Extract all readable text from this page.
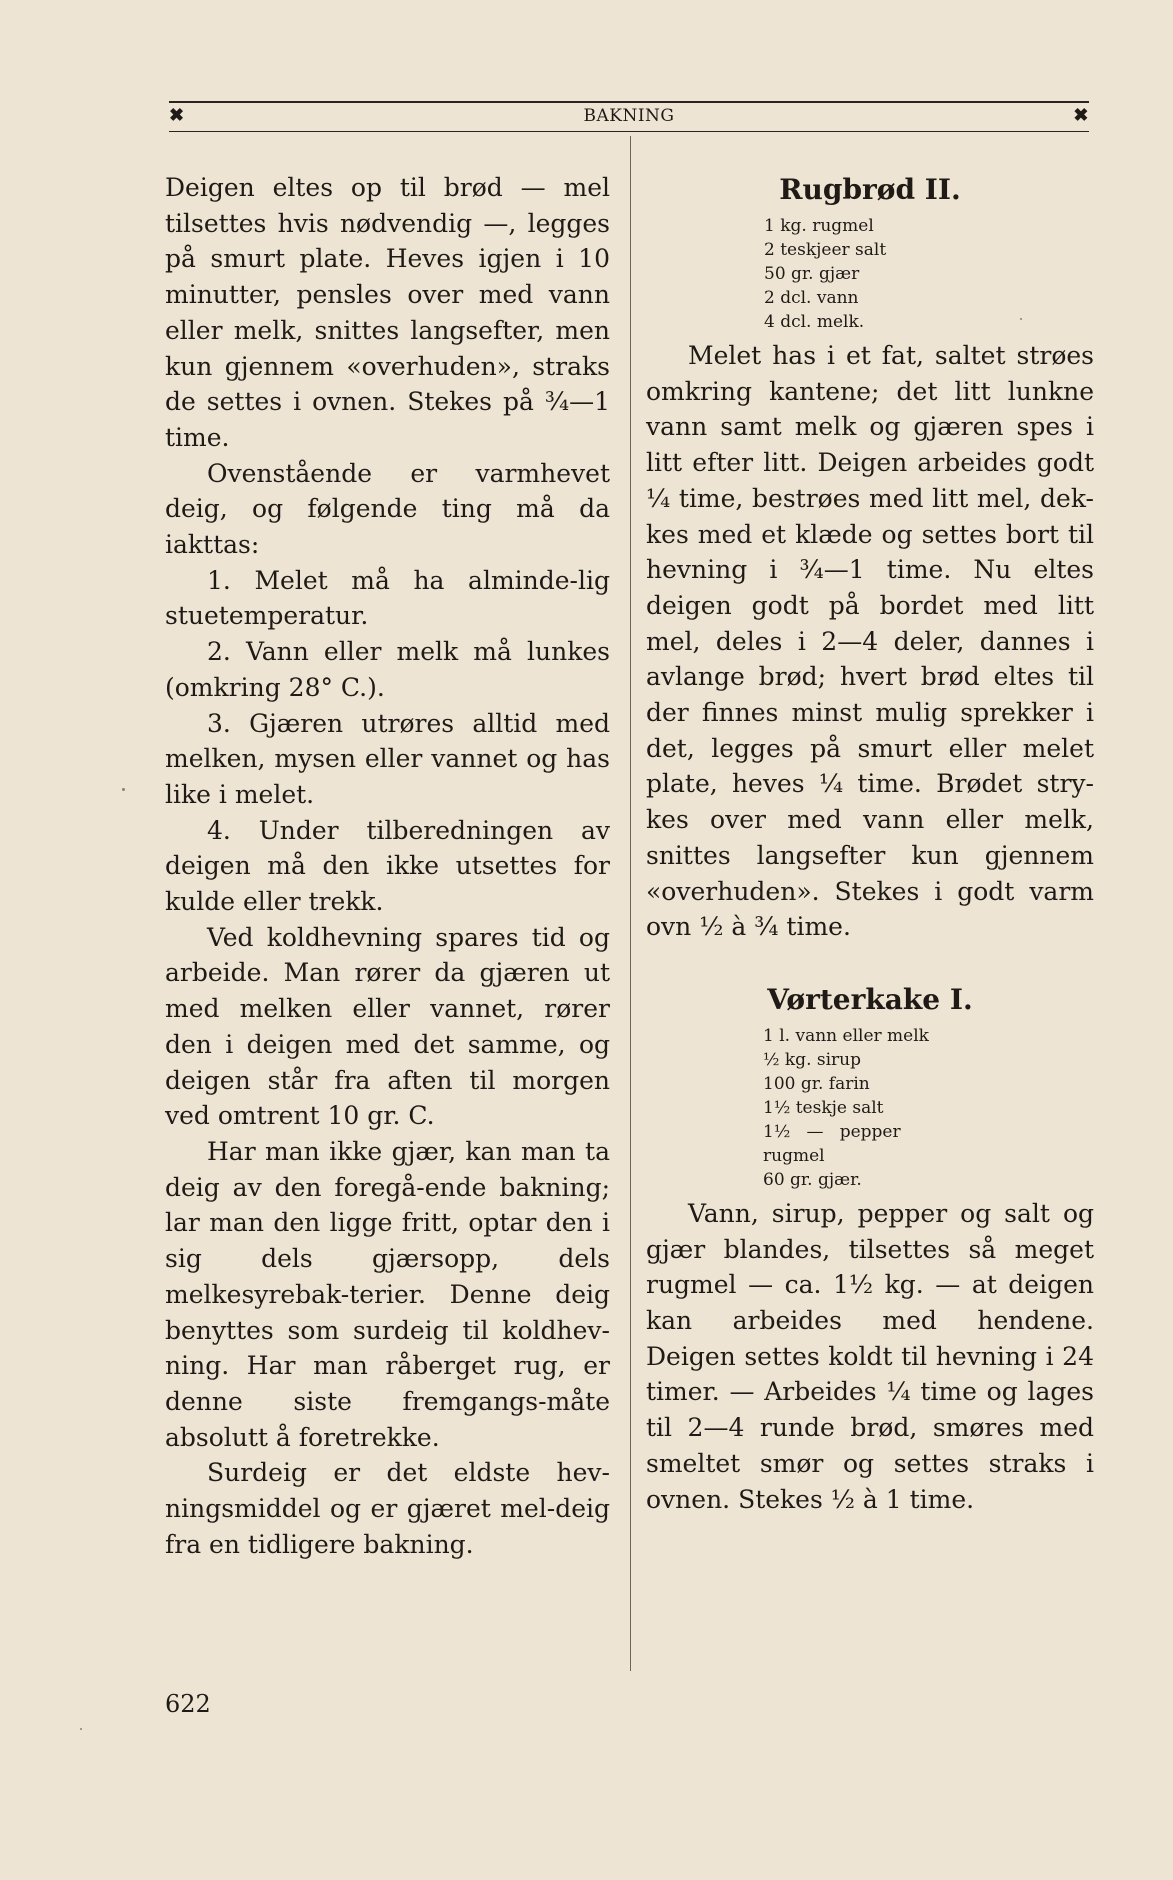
✖	BAKNING	✖

Deigen eltes op til brød — mel tilsettes hvis nødvendig —, legges på smurt plate. Heves igjen i 10 minutter, pensles over med vann eller melk, snittes langsefter, men kun gjennem «overhuden», straks de settes i ovnen. Stekes på ¾—1 time.

Ovenstående er varmhevet deig, og følgende ting må da iakttas:

1. Melet må ha alminde-lig stuetemperatur.

2. Vann eller melk må lunkes (omkring 28° C.).

3. Gjæren utrøres alltid med melken, mysen eller vannet og has like i melet.

4. Under tilberedningen av deigen må den ikke utsettes for kulde eller trekk.

Ved koldhevning spares tid og arbeide. Man rører da gjæren ut med melken eller vannet, rører den i deigen med det samme, og deigen står fra aften til morgen ved omtrent 10 gr. C.

Har man ikke gjær, kan man ta deig av den foregå-ende bakning; lar man den ligge fritt, optar den i sig dels gjærsopp, dels melkesyrebak-terier. Denne deig benyttes som surdeig til koldhev-ning. Har man råberget rug, er denne siste fremgangs-måte absolutt å foretrekke.

Surdeig er det eldste hev-ningsmiddel og er gjæret mel-deig fra en tidligere bakning.

Rugbrød II.
1 kg. rugmel
2 teskjeer salt
50 gr. gjær
2 dcl. vann
4 dcl. melk.

Melet has i et fat, saltet strøes omkring kantene; det litt lunkne vann samt melk og gjæren spes i litt efter litt. Deigen arbeides godt ¼ time, bestrøes med litt mel, dek-kes med et klæde og settes bort til hevning i ¾—1 time. Nu eltes deigen godt på bordet med litt mel, deles i 2—4 deler, dannes i avlange brød; hvert brød eltes til der finnes minst mulig sprekker i det, legges på smurt eller melet plate, heves ¼ time. Brødet stry-kes over med vann eller melk, snittes langsefter kun gjennem «overhuden». Stekes i godt varm ovn ½ à ¾ time.

Vørterkake I.
1 l. vann eller melk
½ kg. sirup
100 gr. farin
1½ teskje salt
1½   —   pepper
rugmel
60 gr. gjær.

Vann, sirup, pepper og salt og gjær blandes, tilsettes så meget rugmel — ca. 1½ kg. — at deigen kan arbeides med hendene. Deigen settes koldt til hevning i 24 timer. — Arbeides ¼ time og lages til 2—4 runde brød, smøres med smeltet smør og settes straks i ovnen. Stekes ½ à 1 time.

622
